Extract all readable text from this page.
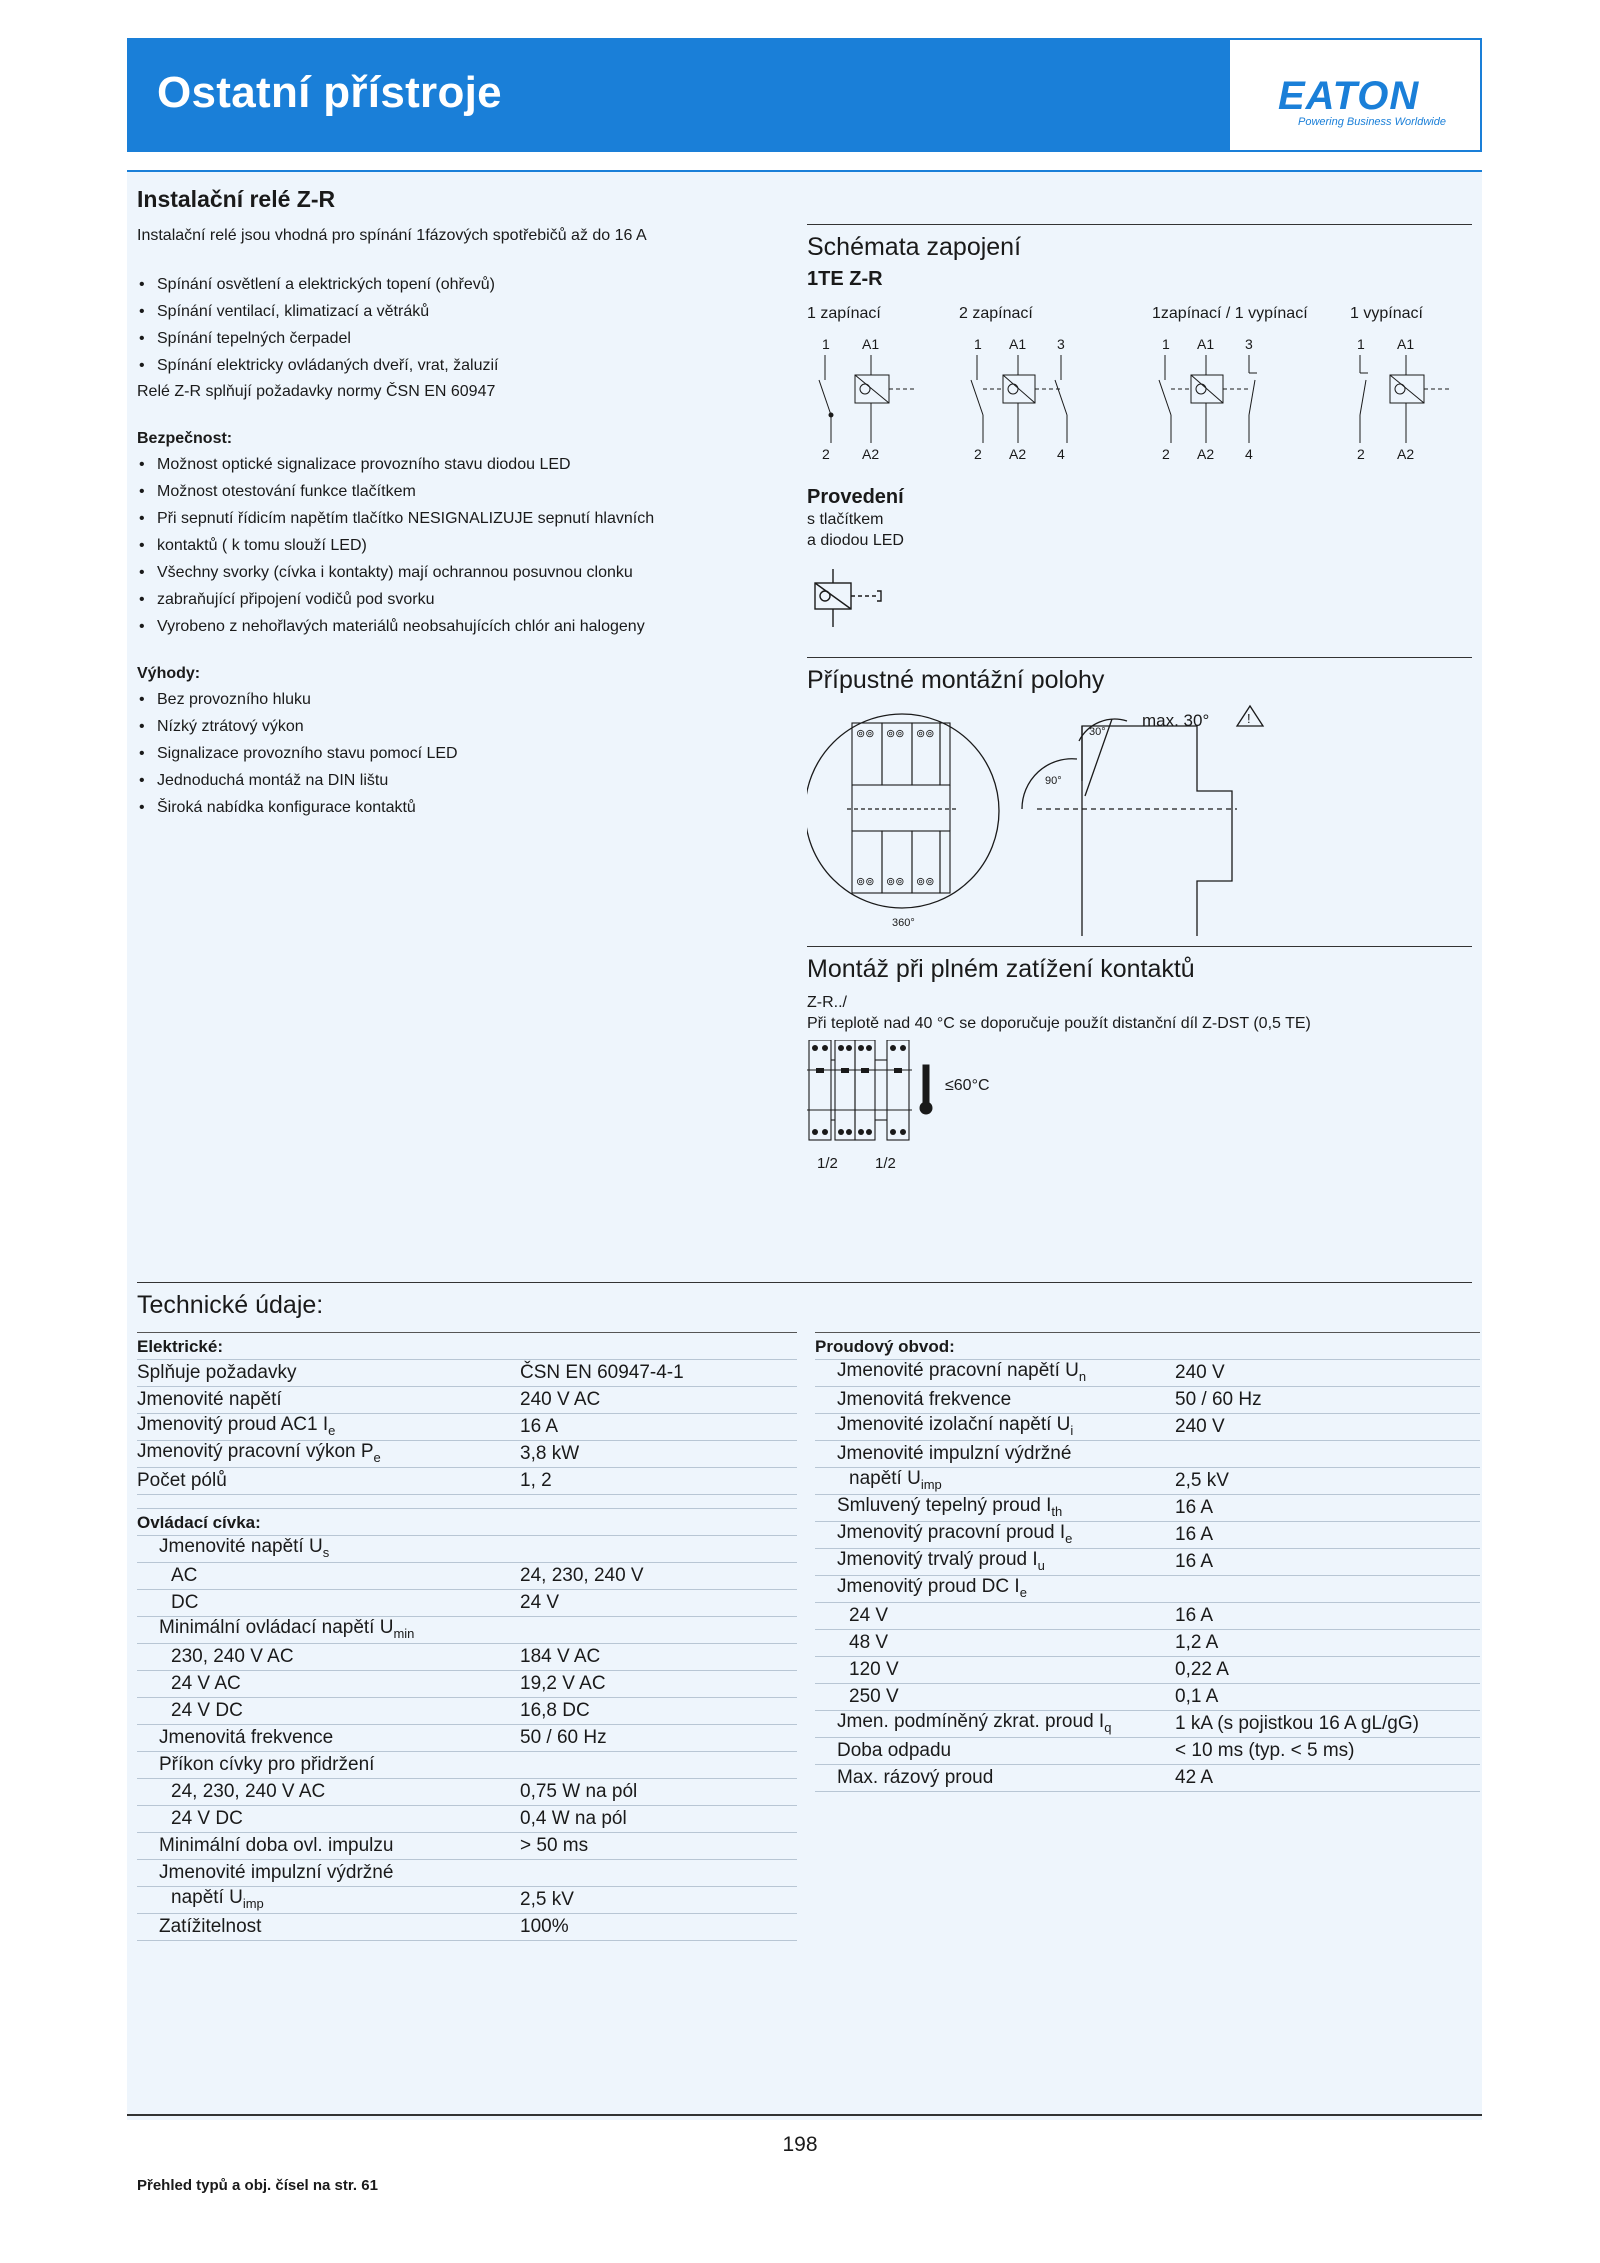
Ostatní přístroje	EATON
Powering Business Worldwide
Instalační relé Z-R
Instalační relé jsou vhodná pro spínání 1fázových spotřebičů až do 16 A
• Spínání osvětlení a elektrických topení (ohřevů)
• Spínání ventilací, klimatizací a větráků
• Spínání tepelných čerpadel
• Spínání elektricky ovládaných dveří, vrat, žaluzií
Relé Z-R splňují požadavky normy ČSN EN 60947
Bezpečnost:
• Možnost optické signalizace provozního stavu diodou LED
• Možnost otestování funkce tlačítkem
• Při sepnutí řídicím napětím tlačítko NESIGNALIZUJE sepnutí hlavních
• kontaktů ( k tomu slouží LED)
• Všechny svorky (cívka i kontakty) mají ochrannou posuvnou clonku
• zabraňující připojení vodičů pod svorku
• Vyrobeno z nehořlavých materiálů neobsahujících chlór ani halogeny
Výhody:
• Bez provozního hluku
• Nízký ztrátový výkon
• Signalizace provozního stavu pomocí LED
• Jednoduchá montáž na DIN lištu
• Široká nabídka konfigurace kontaktů
Schémata zapojení
1TE Z-R
1 zapínací	2 zapínací	1zapínací / 1 vypínací	1 vypínací
1 A1
2 A2
1 A1 3
2 A2 4
1 A1 3
2 A2 4
1 A1
2 A2
Provedení
s tlačítkem
a diodou LED
Přípustné montážní polohy
⊚⊚ ⊚⊚ ⊚⊚
⊚⊚ ⊚⊚ ⊚⊚
360°
30°
90°
max. 30°	!
Montáž při plném zatížení kontaktů
Z-R../
Při teplotě nad 40 °C se doporučuje použít distanční díl Z-DST (0,5 TE)
≤60°C
1/2 1/2
Technické údaje:
Elektrické:
Splňuje požadavky	ČSN EN 60947-4-1
Jmenovité napětí	240 V AC
Jmenovitý proud AC1 $I_e$	16 A
Jmenovitý pracovní výkon $P_e$	3,8 kW
Počet pólů	1, 2
Ovládací cívka:
Jmenovité napětí $U_s$
AC	24, 230, 240 V
DC	24 V
Minimální ovládací napětí $U_{min}$
230, 240 V AC	184 V AC
24 V AC	19,2 V AC
24 V DC	16,8 DC
Jmenovitá frekvence	50 / 60 Hz
Příkon cívky pro přidržení
24, 230, 240 V AC	0,75 W na pól
24 V DC	0,4 W na pól
Minimální doba ovl. impulzu	> 50 ms
Jmenovité impulzní výdržné
napětí $U_{imp}$	2,5 kV
Zatížitelnost	100%
Proudový obvod:
Jmenovité pracovní napětí $U_n$	240 V
Jmenovitá frekvence	50 / 60 Hz
Jmenovité izolační napětí $U_i$	240 V
Jmenovité impulzní výdržné
napětí $U_{imp}$	2,5 kV
Smluvený tepelný proud $I_{th}$	16 A
Jmenovitý pracovní proud $I_e$	16 A
Jmenovitý trvalý proud $I_u$	16 A
Jmenovitý proud DC $I_e$
24 V	16 A
48 V	1,2 A
120 V	0,22 A
250 V	0,1 A
Jmen. podmíněný zkrat. proud $I_q$	1 kA (s pojistkou 16 A gL/gG)
Doba odpadu	< 10 ms (typ. < 5 ms)
Max. rázový proud	42 A
Přehled typů a obj. čísel na str. 61
198
